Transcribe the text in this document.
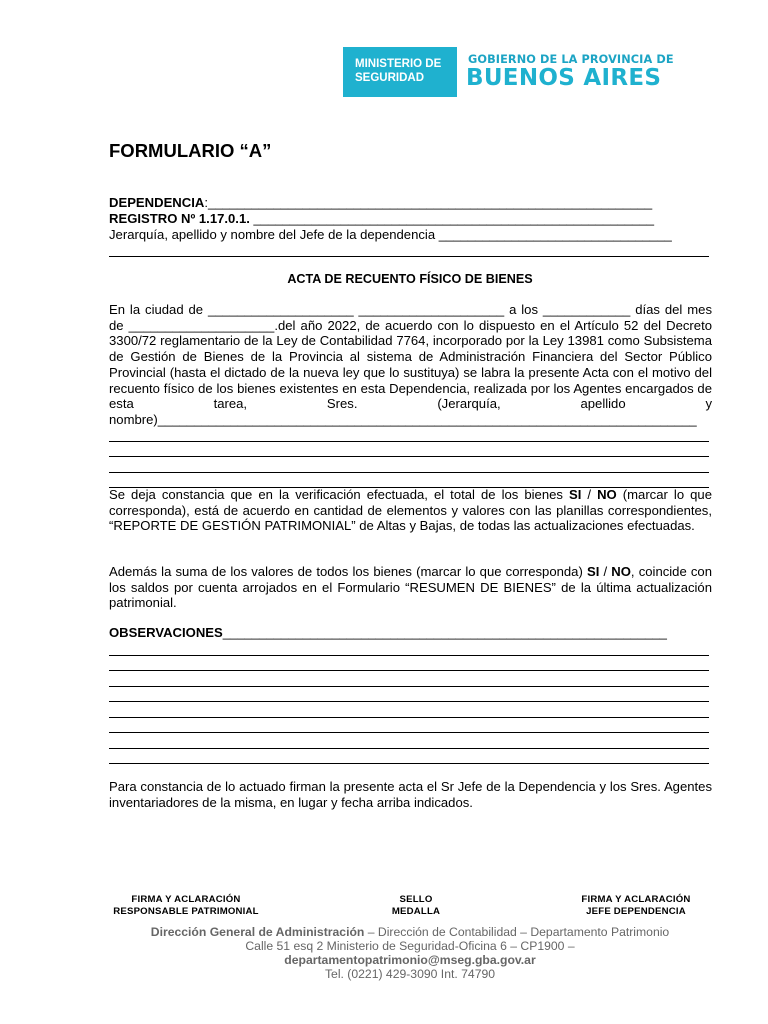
MINISTERIO DE
SEGURIDAD
GOBIERNO DE LA PROVINCIA DE
BUENOS AIRES
FORMULARIO “A”
DEPENDENCIA:_____________________________________________________________
REGISTRO Nº 1.17.0.1. _______________________________________________________
Jerarquía, apellido y nombre del Jefe de la dependencia ________________________________
ACTA DE RECUENTO FÍSICO DE BIENES
En la ciudad de ____________________ ____________________ a los ____________ días del mes de ____________________.del año 2022, de acuerdo con lo dispuesto en el Artículo 52 del Decreto 3300/72 reglamentario de la Ley de Contabilidad 7764, incorporado por la Ley 13981 como Subsistema de Gestión de Bienes de la Provincia al sistema de Administración Financiera del Sector Público Provincial (hasta el dictado de la nueva ley que lo sustituya) se labra la presente Acta con el motivo del recuento físico de los bienes existentes en esta Dependencia, realizada por los Agentes encargados de esta tarea, Sres. (Jerarquía, apellido y nombre)__________________________________________________________________________
Se deja constancia que en la verificación efectuada, el total de los bienes SI / NO (marcar lo que corresponda), está de acuerdo en cantidad de elementos y valores con las planillas correspondientes, “REPORTE DE GESTIÓN PATRIMONIAL” de Altas y Bajas, de todas las actualizaciones efectuadas.
Además la suma de los valores de todos los bienes (marcar lo que corresponda) SI / NO, coincide con los saldos por cuenta arrojados en el Formulario “RESUMEN DE BIENES” de la última actualización patrimonial.
OBSERVACIONES_____________________________________________________________
Para constancia de lo actuado firman la presente acta el Sr Jefe de la Dependencia y los Sres. Agentes inventariadores de la misma, en lugar y fecha arriba indicados.
FIRMA Y ACLARACIÓN
RESPONSABLE PATRIMONIAL
SELLO
MEDALLA
FIRMA Y ACLARACIÓN
JEFE DEPENDENCIA
Dirección General de Administración – Dirección de Contabilidad – Departamento Patrimonio
Calle 51 esq 2 Ministerio de Seguridad-Oficina 6 – CP1900 –
departamentopatrimonio@mseg.gba.gov.ar
Tel. (0221) 429-3090 Int. 74790
